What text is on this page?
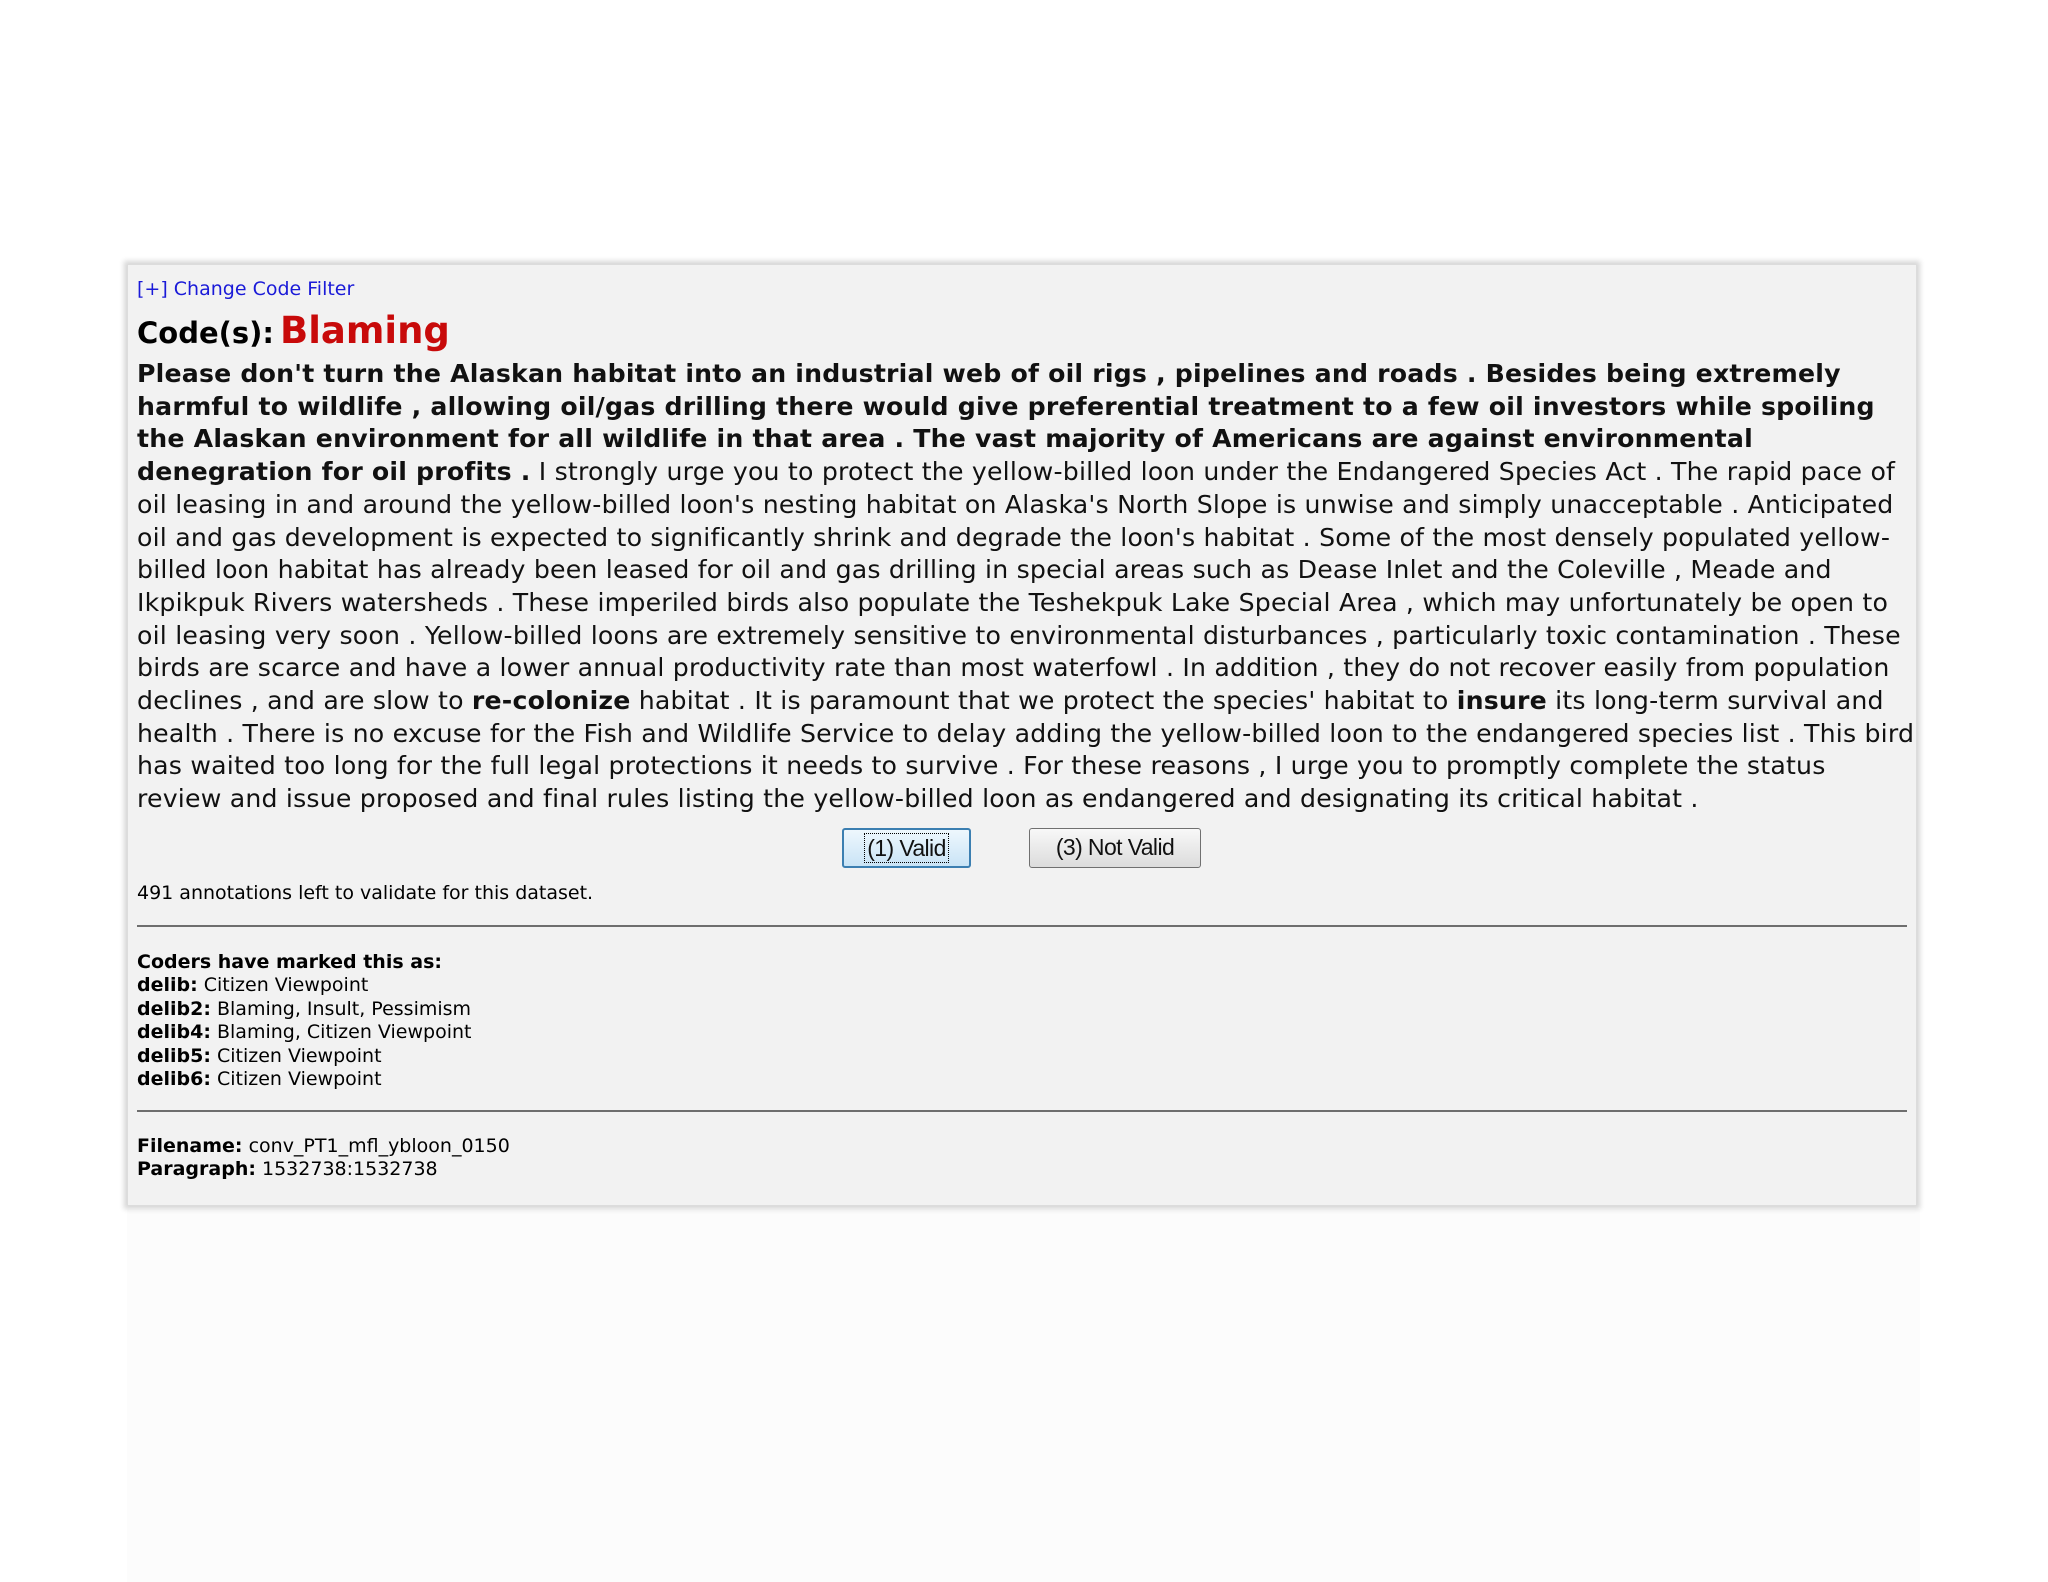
[+] Change Code Filter
Code(s): Blaming
Please don't turn the Alaskan habitat into an industrial web of oil rigs , pipelines and roads . Besides being extremely harmful to wildlife , allowing oil/gas drilling there would give preferential treatment to a few oil investors while spoiling the Alaskan environment for all wildlife in that area . The vast majority of Americans are against environmental denegration for oil profits . I strongly urge you to protect the yellow-billed loon under the Endangered Species Act . The rapid pace of oil leasing in and around the yellow-billed loon's nesting habitat on Alaska's North Slope is unwise and simply unacceptable . Anticipated oil and gas development is expected to significantly shrink and degrade the loon's habitat . Some of the most densely populated yellow-billed loon habitat has already been leased for oil and gas drilling in special areas such as Dease Inlet and the Coleville , Meade and Ikpikpuk Rivers watersheds . These imperiled birds also populate the Teshekpuk Lake Special Area , which may unfortunately be open to oil leasing very soon . Yellow-billed loons are extremely sensitive to environmental disturbances , particularly toxic contamination . These birds are scarce and have a lower annual productivity rate than most waterfowl . In addition , they do not recover easily from population declines , and are slow to re-colonize habitat . It is paramount that we protect the species' habitat to insure its long-term survival and health . There is no excuse for the Fish and Wildlife Service to delay adding the yellow-billed loon to the endangered species list . This bird has waited too long for the full legal protections it needs to survive . For these reasons , I urge you to promptly complete the status review and issue proposed and final rules listing the yellow-billed loon as endangered and designating its critical habitat .
(1) Valid	(3) Not Valid
491 annotations left to validate for this dataset.
Coders have marked this as:
delib: Citizen Viewpoint
delib2: Blaming, Insult, Pessimism
delib4: Blaming, Citizen Viewpoint
delib5: Citizen Viewpoint
delib6: Citizen Viewpoint
Filename: conv_PT1_mfl_ybloon_0150
Paragraph: 1532738:1532738
